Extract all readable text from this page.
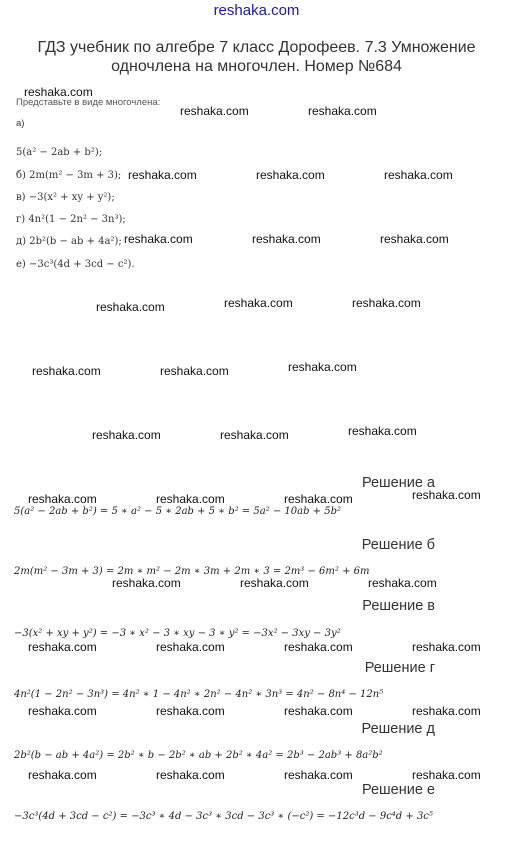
reshaka.com
ГДЗ учебник по алгебре 7 класс Дорофеев. 7.3 Умножение одночлена на многочлен. Номер №684
Представьте в виде многочлена:
а)
5(a² − 2ab + b²);
б) 2m(m² − 3m + 3);
в) −3(x² + xy + y²);
г) 4n²(1 − 2n² − 3n³);
д) 2b²(b − ab + 4a²);
е) −3c³(4d + 3cd − c²).
reshaka.com
reshaka.com	reshaka.com
reshaka.com	reshaka.com	reshaka.com
reshaka.com	reshaka.com	reshaka.com
reshaka.com	reshaka.com	reshaka.com
reshaka.com	reshaka.com	reshaka.com
reshaka.com	reshaka.com	reshaka.com
reshaka.com	reshaka.com	reshaka.com	reshaka.com
reshaka.com	reshaka.com	reshaka.com
reshaka.com	reshaka.com	reshaka.com	reshaka.com
reshaka.com	reshaka.com	reshaka.com	reshaka.com
reshaka.com	reshaka.com	reshaka.com	reshaka.com
Решение а
5(a² − 2ab + b²) = 5 ∗ a² − 5 ∗ 2ab + 5 ∗ b² = 5a² − 10ab + 5b²
Решение б
2m(m² − 3m + 3) = 2m ∗ m² − 2m ∗ 3m + 2m ∗ 3 = 2m³ − 6m² + 6m
Решение в
−3(x² + xy + y²) = −3 ∗ x² − 3 ∗ xy − 3 ∗ y² = −3x² − 3xy − 3y²
Решение г
4n²(1 − 2n² − 3n³) = 4n² ∗ 1 − 4n² ∗ 2n² − 4n² ∗ 3n³ = 4n² − 8n⁴ − 12n⁵
Решение д
2b²(b − ab + 4a²) = 2b² ∗ b − 2b² ∗ ab + 2b² ∗ 4a² = 2b³ − 2ab³ + 8a²b²
Решение е
−3c³(4d + 3cd − c²) = −3c³ ∗ 4d − 3c³ ∗ 3cd − 3c³ ∗ (−c²) = −12c³d − 9c⁴d + 3c⁵
